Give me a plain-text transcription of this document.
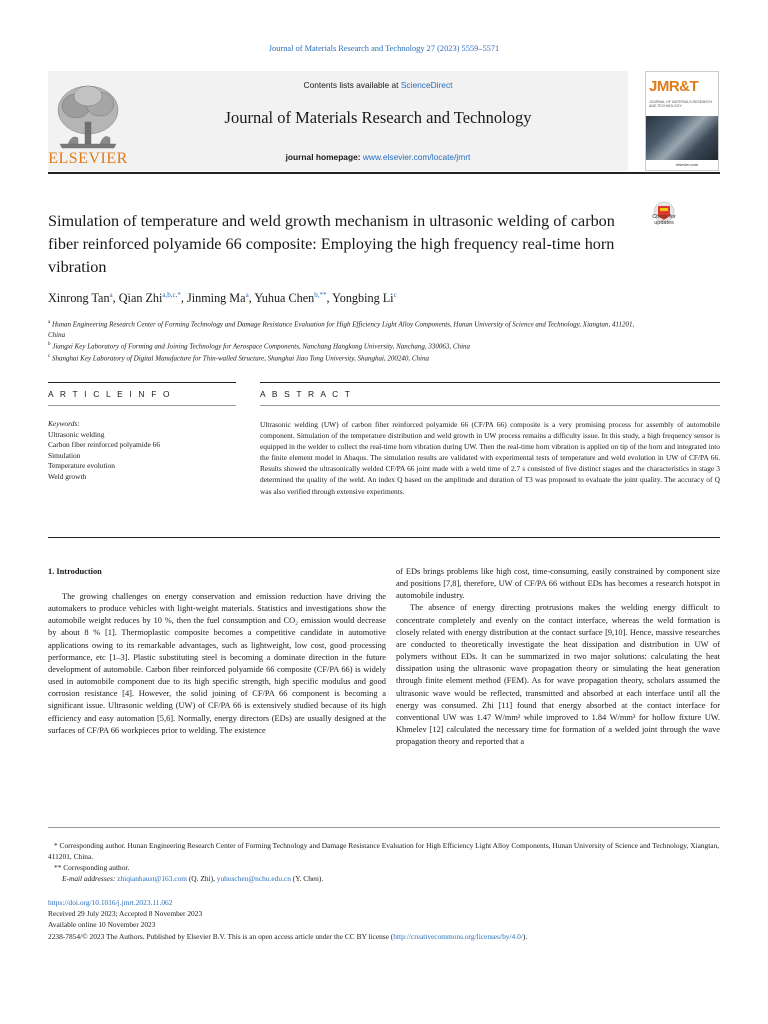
Journal of Materials Research and Technology 27 (2023) 5559–5571
ELSEVIER
Contents lists available at ScienceDirect
Journal of Materials Research and Technology
journal homepage: www.elsevier.com/locate/jmrt
JMR&T
JOURNAL OF MATERIALS RESEARCH AND TECHNOLOGY
elsevier.com
Simulation of temperature and weld growth mechanism in ultrasonic welding of carbon fiber reinforced polyamide 66 composite: Employing the high frequency real-time horn vibration
Check for updates
Xinrong Tan$^a$, Qian Zhi$^{a,b,c,*}$, Jinming Ma$^a$, Yuhua Chen$^{b,**}$, Yongbing Li$^c$
$^a$ Hunan Engineering Research Center of Forming Technology and Damage Resistance Evaluation for High Efficiency Light Alloy Components, Hunan University of Science and Technology, Xiangtan, 411201, China
$^b$ Jiangxi Key Laboratory of Forming and Joining Technology for Aerospace Components, Nanchang Hangkong University, Nanchang, 330063, China
$^c$ Shanghai Key Laboratory of Digital Manufacture for Thin-walled Structure, Shanghai Jiao Tong University, Shanghai, 200240, China
A R T I C L E I N F O	A B S T R A C T
Keywords:
Ultrasonic welding
Carbon fiber reinforced polyamide 66
Simulation
Temperature evolution
Weld growth
Ultrasonic welding (UW) of carbon fiber reinforced polyamide 66 (CF/PA 66) composite is a very promising process for assembly of automobile component. Simulation of the temperature distribution and weld growth in UW process remains a difficulty issue. In this study, a high frequency sensor is equipped in the welder to collect the real-time horn vibration during UW. Then the real-time horn vibration is applied on tip of the horn and integrated into the finite element model in Abaqus. The simulation results are validated with experimental tests of temperature and weld evolution in UW of CF/PA 66. Results showed the ultrasonically welded CF/PA 66 joint made with a weld time of 2.7 s consisted of five distinct stages and the characteristics in stage 3 determined the quality of the weld. An index Q based on the amplitude and duration of T3 was proposed to evaluate the joint quality. The accuracy of Q was also verified through extensive experiments.
1. Introduction

The growing challenges on energy conservation and emission reduction have driving the automakers to produce vehicles with light-weight materials. Statistics and investigations show the automobile weight reduces by 10 %, then the fuel consumption and CO₂ emission would decrease by about 8 % [1]. Thermoplastic composite becomes a competitive candidate in automotive applications owing to its remarkable advantages, such as lightweight, low cost, good processing performance, etc [1–3]. Plastic substituting steel is becoming a dominate direction in the future development of automobile. Carbon fiber reinforced polyamide 66 composite (CF/PA 66) is widely used in automobile component due to its high specific strength, high specific modulus and good corrosion resistance [4]. However, the solid joining of CF/PA 66 component is becoming a significant issue. Ultrasonic welding (UW) of CF/PA 66 is extensively studied because of its high efficiency and easy automation [5,6]. Normally, energy directors (EDs) are usually designed at the surfaces of CF/PA 66 workpieces prior to welding. The existence

of EDs brings problems like high cost, time-consuming, easily constrained by component size and positions [7,8], therefore, UW of CF/PA 66 without EDs has becomes a research hotspot in automobile industry.

The absence of energy directing protrusions makes the welding energy difficult to concentrate completely and evenly on the contact interface, whereas the weld formation is closely related with energy distribution at the contact surface [9,10]. Hence, massive researches are conducted to theoretically investigate the heat dissipation and distribution in UW of polymers without EDs. It can be summarized in two major solutions: calculating the heat dissipation using the ultrasonic wave propagation theory or simulating the heat generation through finite element method (FEM). As for wave propagation theory, scholars assumed the ultrasonic wave would be reflected, transmitted and absorbed at each interface until all the energy was consumed. Zhi [11] found that energy absorbed at the contact interface for conventional UW was 1.47 W/mm² while improved to 1.84 W/mm² for hollow fixture UW. Khmelev [12] calculated the necessary time for formation of a welded joint through the wave propagation theory and reported that a

* Corresponding author. Hunan Engineering Research Center of Forming Technology and Damage Resistance Evaluation for High Efficiency Light Alloy Components, Hunan University of Science and Technology, Xiangtan, 411201, China.

** Corresponding author.

E-mail addresses: zhiqianhaust@163.com (Q. Zhi), yuhuschen@nchu.edu.cn (Y. Chen).

https://doi.org/10.1016/j.jmrt.2023.11.062

Received 29 July 2023; Accepted 8 November 2023

Available online 10 November 2023

2238-7854/© 2023 The Authors. Published by Elsevier B.V. This is an open access article under the CC BY license (http://creativecommons.org/licenses/by/4.0/).
